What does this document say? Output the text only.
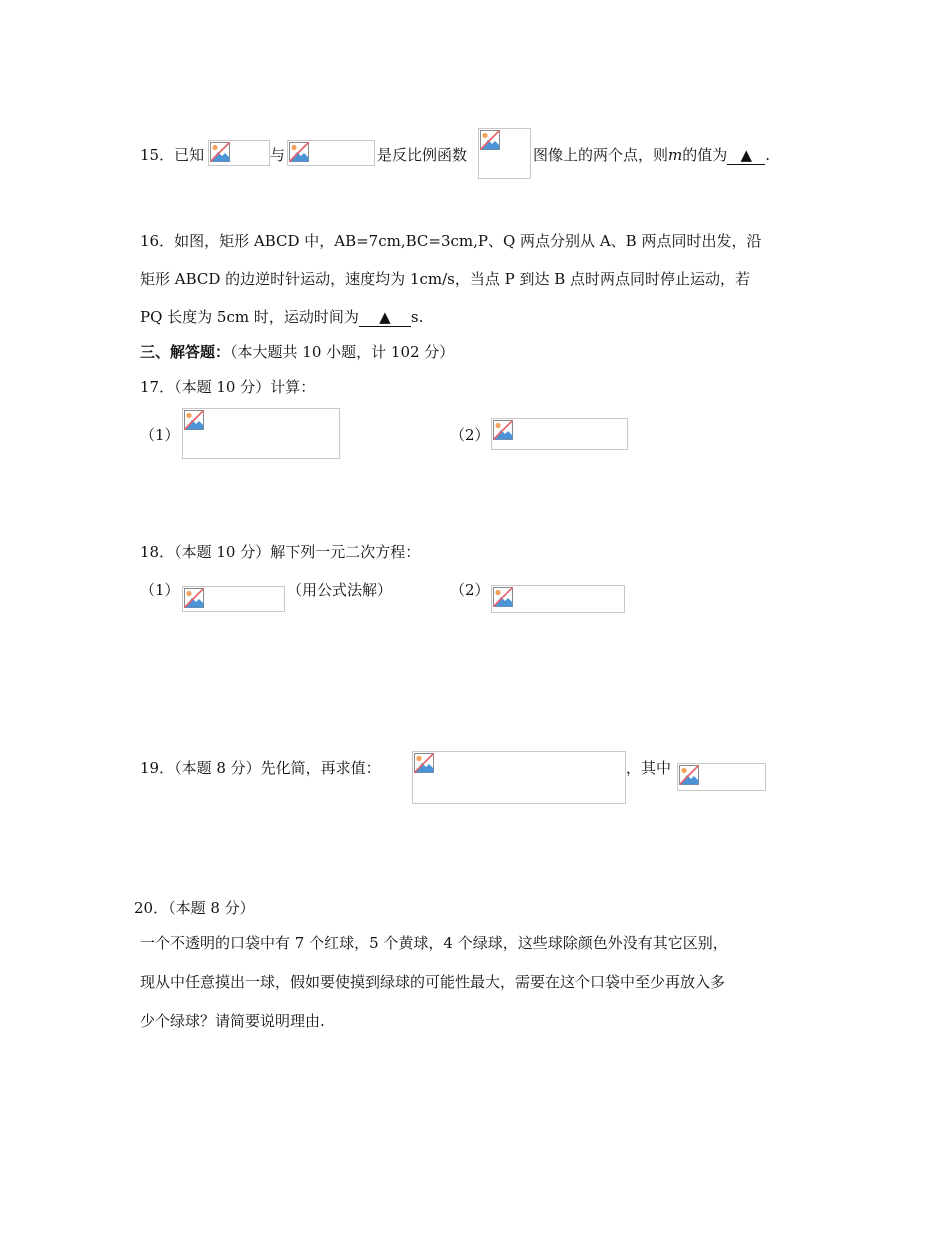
15．已知	与	是反比例函数	图像上的两个点，则m的值为 ▲ .
16．如图，矩形 ABCD 中，AB=7cm,BC=3cm,P、Q 两点分别从 A、B 两点同时出发，沿
矩形 ABCD 的边逆时针运动，速度均为 1cm/s，当点 P 到达 B 点时两点同时停止运动，若
PQ 长度为 5cm 时，运动时间为 ▲ s.
三、解答题：（本大题共 10 小题，计 102 分）
17．（本题 10 分）计算：
（1）	（2）
18．（本题 10 分）解下列一元二次方程：
（1）	（用公式法解）	（2）
19．（本题 8 分）先化简，再求值：	，其中
20．（本题 8 分）
一个不透明的口袋中有 7 个红球，5 个黄球，4 个绿球，这些球除颜色外没有其它区别，
现从中任意摸出一球，假如要使摸到绿球的可能性最大，需要在这个口袋中至少再放入多
少个绿球？请简要说明理由.
